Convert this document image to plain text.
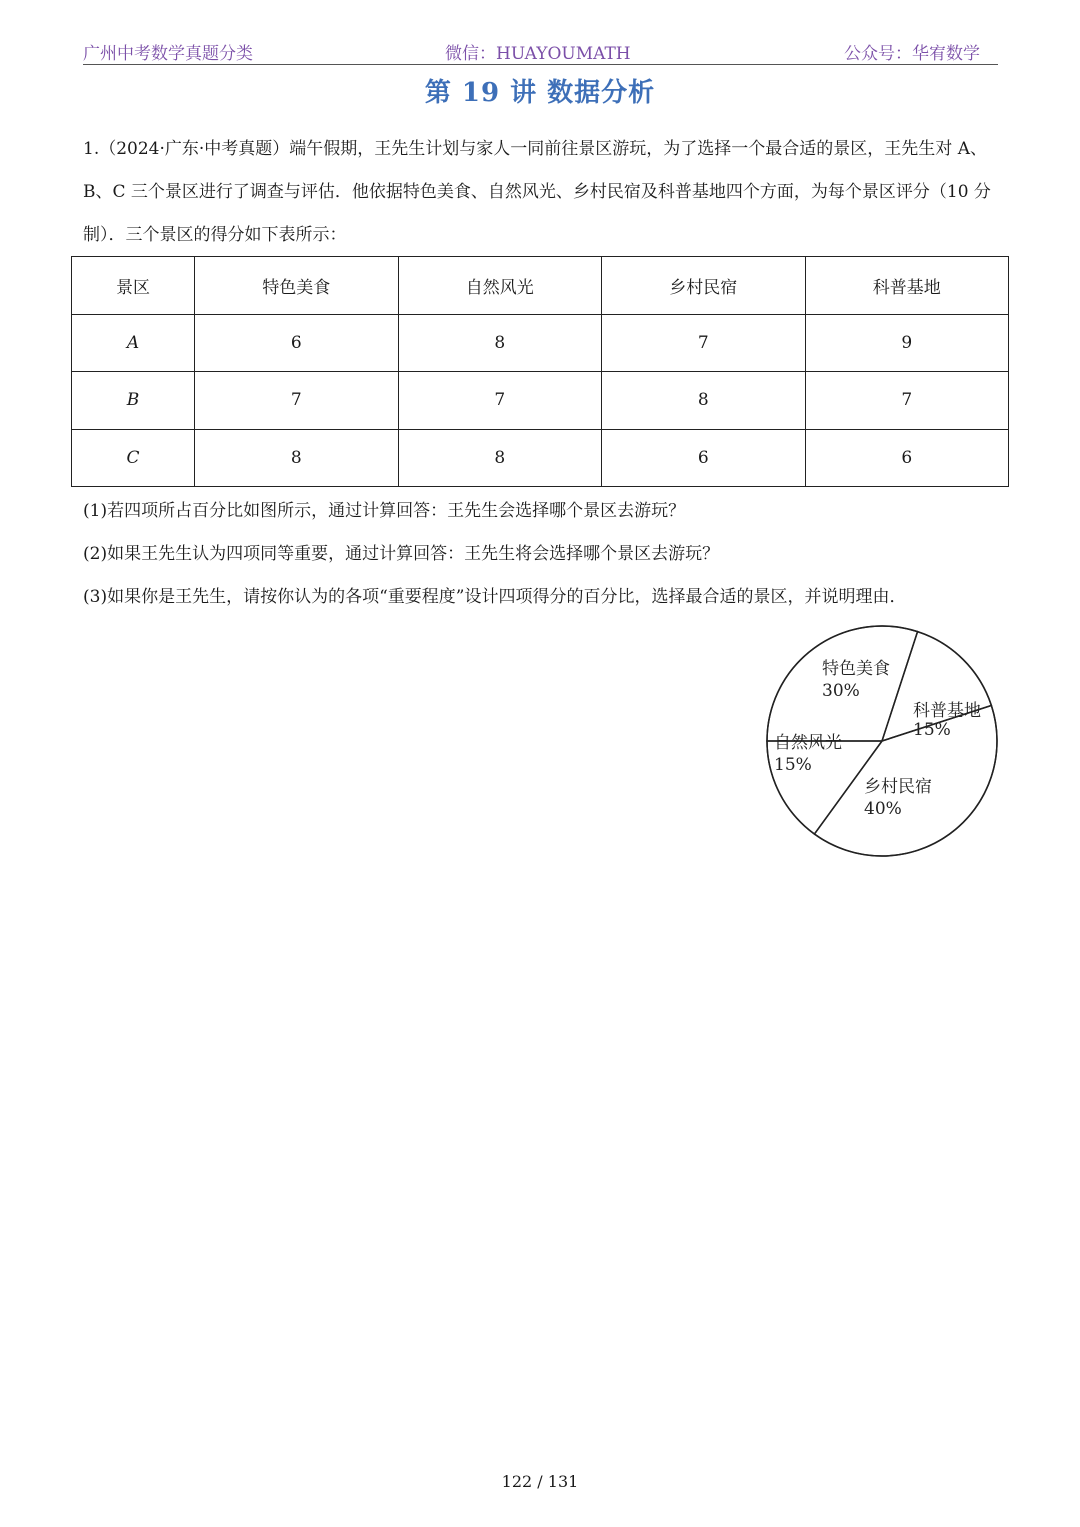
广州中考数学真题分类	微信：HUAYOUMATH	公众号：华宥数学
第 19 讲 数据分析
1.（2024·广东·中考真题）端午假期，王先生计划与家人一同前往景区游玩，为了选择一个最合适的景区，王先生对 A、B、C 三个景区进行了调查与评估．他依据特色美食、自然风光、乡村民宿及科普基地四个方面，为每个景区评分（10 分制）．三个景区的得分如下表所示：
景区	特色美食	自然风光	乡村民宿	科普基地
A	6	8	7	9
B	7	7	8	7
C	8	8	6	6
(1)若四项所占百分比如图所示，通过计算回答：王先生会选择哪个景区去游玩？
(2)如果王先生认为四项同等重要，通过计算回答：王先生将会选择哪个景区去游玩？
(3)如果你是王先生，请按你认为的各项“重要程度”设计四项得分的百分比，选择最合适的景区，并说明理由．
特色美食
30%
科普基地
15%
乡村民宿
40%
自然风光
15%
122 / 131
